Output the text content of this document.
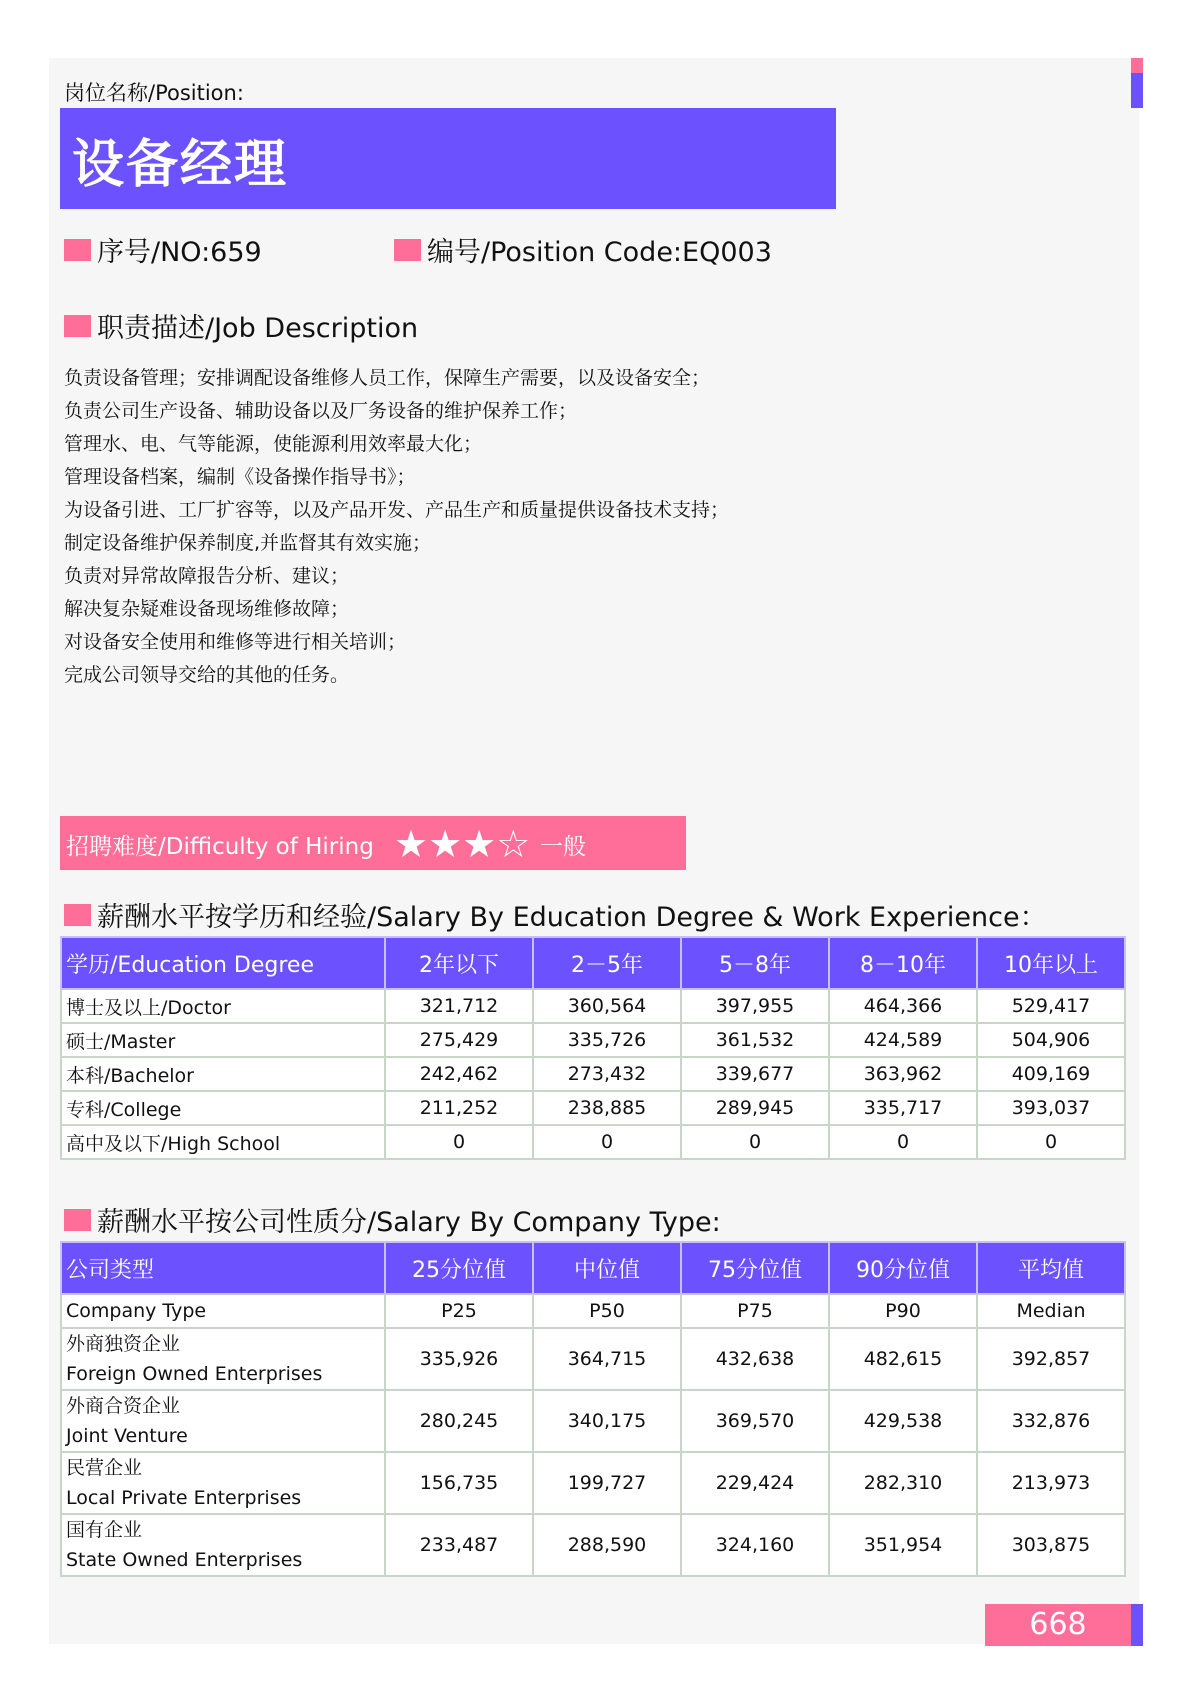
岗位名称/Position:
设备经理
序号/NO:659	编号/Position Code:EQ003
职责描述/Job Description
负责设备管理；安排调配设备维修人员工作，保障生产需要，以及设备安全；
负责公司生产设备、辅助设备以及厂务设备的维护保养工作；
管理水、电、气等能源，使能源利用效率最大化；
管理设备档案，编制《设备操作指导书》；
为设备引进、工厂扩容等，以及产品开发、产品生产和质量提供设备技术支持；
制定设备维护保养制度,并监督其有效实施；
负责对异常故障报告分析、建议；
解决复杂疑难设备现场维修故障；
对设备安全使用和维修等进行相关培训；
完成公司领导交给的其他的任务。
招聘难度/Difficulty of Hiring ★★★☆ 一般
薪酬水平按学历和经验/Salary By Education Degree & Work Experience：
学历/Education Degree	2年以下	2－5年	5－8年	8－10年	10年以上
博士及以上/Doctor	321,712	360,564	397,955	464,366	529,417
硕士/Master	275,429	335,726	361,532	424,589	504,906
本科/Bachelor	242,462	273,432	339,677	363,962	409,169
专科/College	211,252	238,885	289,945	335,717	393,037
高中及以下/High School	0	0	0	0	0
薪酬水平按公司性质分/Salary By Company Type:
公司类型	25分位值	中位值	75分位值	90分位值	平均值
Company Type	P25	P50	P75	P90	Median

外商独资企业
Foreign Owned Enterprises	335,926	364,715	432,638	482,615	392,857

外商合资企业
Joint Venture	280,245	340,175	369,570	429,538	332,876

民营企业
Local Private Enterprises	156,735	199,727	229,424	282,310	213,973

国有企业
State Owned Enterprises	233,487	288,590	324,160	351,954	303,875
668
